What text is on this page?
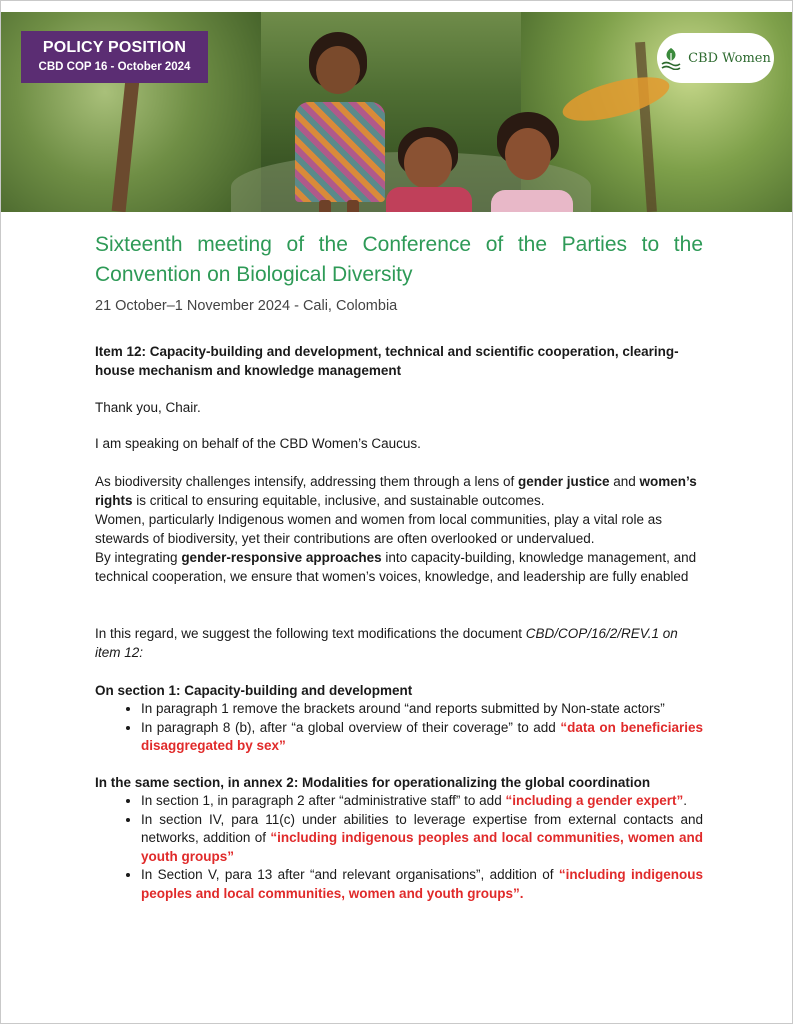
POLICY POSITION
CBD COP 16 - October 2024
CBD Women
Sixteenth meeting of the Conference of the Parties to the
Convention on Biological Diversity
21 October–1 November 2024 - Cali, Colombia
Item 12: Capacity-building and development, technical and scientific cooperation, clearing-house mechanism and knowledge management

Thank you, Chair.

I am speaking on behalf of the CBD Women’s Caucus.

As biodiversity challenges intensify, addressing them through a lens of gender justice and women’s rights is critical to ensuring equitable, inclusive, and sustainable outcomes.
Women, particularly Indigenous women and women from local communities, play a vital role as stewards of biodiversity, yet their contributions are often overlooked or undervalued.
By integrating gender-responsive approaches into capacity-building, knowledge management, and technical cooperation, we ensure that women’s voices, knowledge, and leadership are fully enabled

In this regard, we suggest the following text modifications the document CBD/COP/16/2/REV.1 on item 12:

On section 1: Capacity-building and development
• In paragraph 1 remove the brackets around “and reports submitted by Non-state actors”
• In paragraph 8 (b), after “a global overview of their coverage” to add “data on beneficiaries disaggregated by sex”
In the same section, in annex 2: Modalities for operationalizing the global coordination
• In section 1, in paragraph 2 after “administrative staff” to add “including a gender expert”.
• In section IV, para 11(c) under abilities to leverage expertise from external contacts and networks, addition of “including indigenous peoples and local communities, women and youth groups”
• In Section V, para 13 after “and relevant organisations”, addition of “including indigenous peoples and local communities, women and youth groups”.
